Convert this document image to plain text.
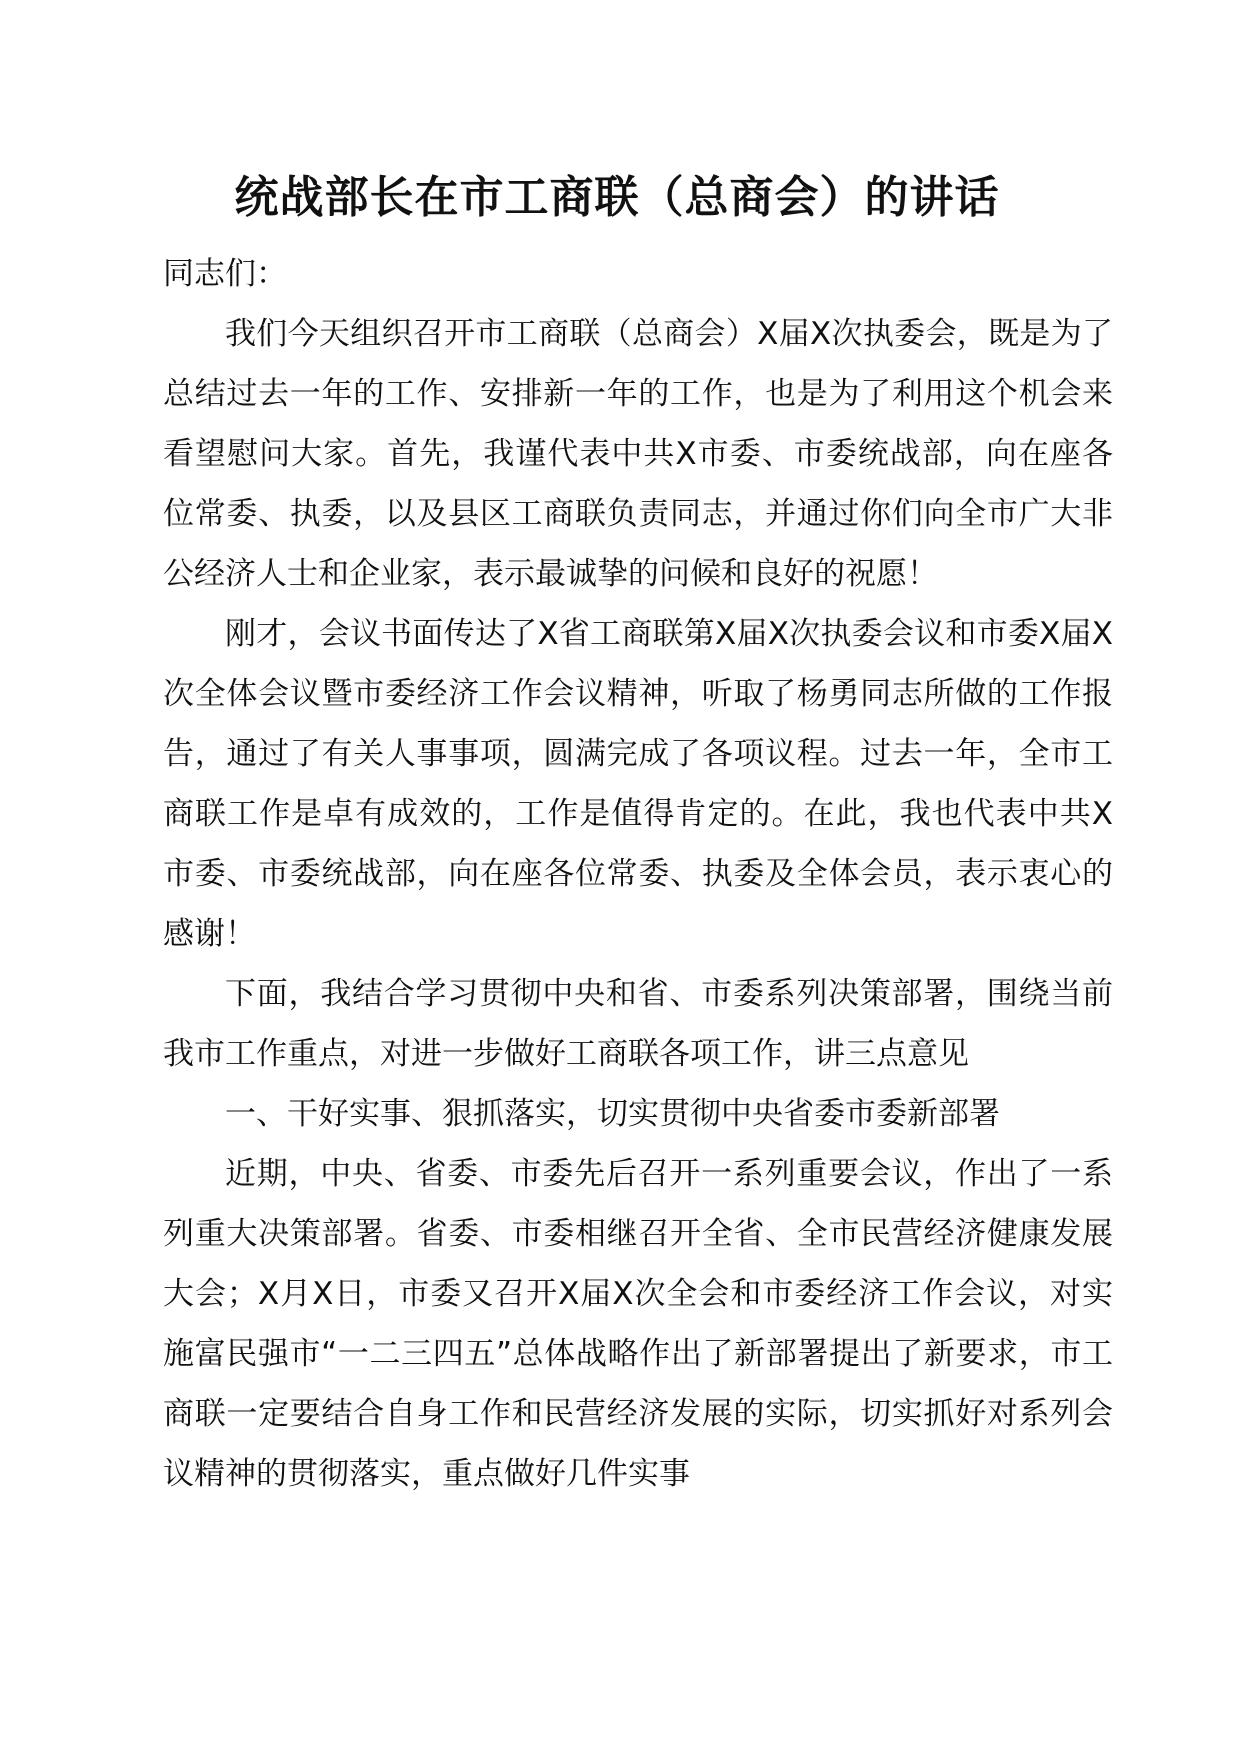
统战部长在市工商联（总商会）的讲话

同志们：

我们今天组织召开市工商联（总商会）X届X次执委会，既是为了总结过去一年的工作、安排新一年的工作，也是为了利用这个机会来看望慰问大家。首先，我谨代表中共X市委、市委统战部，向在座各位常委、执委，以及县区工商联负责同志，并通过你们向全市广大非公经济人士和企业家，表示最诚挚的问候和良好的祝愿！

刚才，会议书面传达了X省工商联第X届X次执委会议和市委X届X次全体会议暨市委经济工作会议精神，听取了杨勇同志所做的工作报告，通过了有关人事事项，圆满完成了各项议程。过去一年，全市工商联工作是卓有成效的，工作是值得肯定的。在此，我也代表中共X市委、市委统战部，向在座各位常委、执委及全体会员，表示衷心的感谢！

下面，我结合学习贯彻中央和省、市委系列决策部署，围绕当前我市工作重点，对进一步做好工商联各项工作，讲三点意见

一、干好实事、狠抓落实，切实贯彻中央省委市委新部署

近期，中央、省委、市委先后召开一系列重要会议，作出了一系列重大决策部署。省委、市委相继召开全省、全市民营经济健康发展大会；X月X日，市委又召开X届X次全会和市委经济工作会议，对实施富民强市“一二三四五”总体战略作出了新部署提出了新要求，市工商联一定要结合自身工作和民营经济发展的实际，切实抓好对系列会议精神的贯彻落实，重点做好几件实事
